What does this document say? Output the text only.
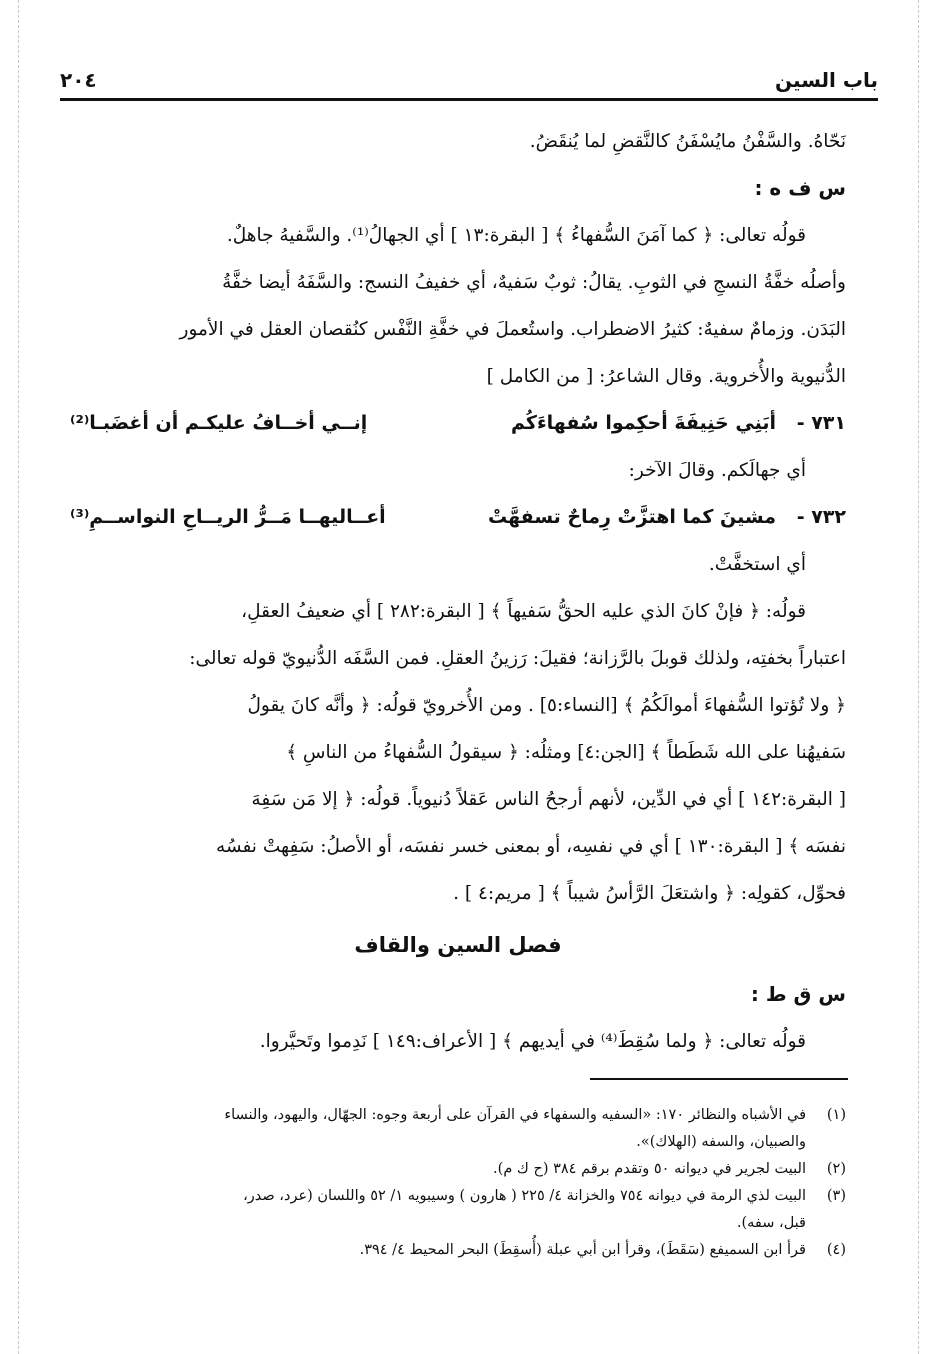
باب السين
٢٠٤
نَحّاهُ. والسَّفْنُ مايُسْفَنُ كالنَّقضِ لما يُنقَضُ.
س ف ه :
قولُه تعالى: ﴿ كما آمَنَ السُّفهاءُ ﴾ [ البقرة:١٣ ] أي الجهالُ⁽¹⁾. والسَّفيهُ جاهلٌ.
وأصلُه خفَّةُ النسجِ في الثوبِ. يقالُ: ثوبٌ سَفيهٌ، أي خفيفُ النسج: والسَّفَهُ أيضا خفَّةُ
البَدَن. وزمامٌ سفيهٌ: كثيرُ الاضطراب. واستُعملَ في خفَّةِ النَّفْس كنُقصان العقل في الأمور
الدُّنيوية والأُخروية. وقال الشاعرُ: [ من الكامل ]
٧٣١ -
أبَنِي حَنِيفَةَ أحكِموا سُفهاءَكُم
إنــي أخــافُ عليكـم أن أغضَبـا⁽²⁾
أي جهالَكم. وقالَ الآخر:
٧٣٢ -
مشينَ كما اهتزَّتْ رِماحٌ تسفهَّتْ
أعــاليهــا مَــرُّ الريــاحِ النواســمِ⁽³⁾
أي استخفَّتْ.
قولُه: ﴿ فإنْ كانَ الذي عليه الحقُّ سَفيهاً ﴾ [ البقرة:٢٨٢ ] أي ضعيفُ العقلِ،
اعتباراً بخفتِه، ولذلك قوبلَ بالرَّزانة؛ فقيلَ: رَزينُ العقلِ. فمن السَّفَه الدُّنيويّ قوله تعالى:
﴿ ولا تُؤتوا السُّفهاءَ أموالَكُمُ ﴾ [النساء:٥] . ومن الأُخرويّ قولُه: ﴿ وأنَّه كانَ يقولُ
سَفيهُنا على الله شَطَطاً ﴾ [الجن:٤] ومثلُه: ﴿ سيقولُ السُّفهاءُ من الناسِ ﴾
[ البقرة:١٤٢ ] أي في الدِّين، لأنهم أرجحُ الناس عَقلاً دُنيوياً. قولُه: ﴿ إلا مَن سَفِهَ
نفسَه ﴾ [ البقرة:١٣٠ ] أي في نفسِه، أو بمعنى خسر نفسَه، أو الأصلُ: سَفِهتْ نفسُه
فحوِّل، كقولِه: ﴿ واشتعَلَ الرَّأسُ شيباً ﴾ [ مريم:٤ ] .
فصل السين والقاف
س ق ط :
قولُه تعالى: ﴿ ولما سُقِطَ⁽⁴⁾ في أيديهم ﴾ [ الأعراف:١٤٩ ] نَدِموا وتَحيَّروا.
(١)
في الأشباه والنظائر ١٧٠: «السفيه والسفهاء في القرآن على أربعة وجوه: الجهّال، واليهود، والنساء
والصبيان، والسفه (الهلاك)».
(٢)
البيت لجرير في ديوانه ٥٠ وتقدم برقم ٣٨٤ (ح ك م).
(٣)
البيت لذي الرمة في ديوانه ٧٥٤ والخزانة ٤/ ٢٢٥ ( هارون ) وسيبويه ١/ ٥٢ واللسان (عرد، صدر،
قبل، سفه).
(٤)
قرأ ابن السميفع (سَقَطَ)، وقرأ ابن أبي عبلة (أُسقِطَ) البحر المحيط ٤/ ٣٩٤.
